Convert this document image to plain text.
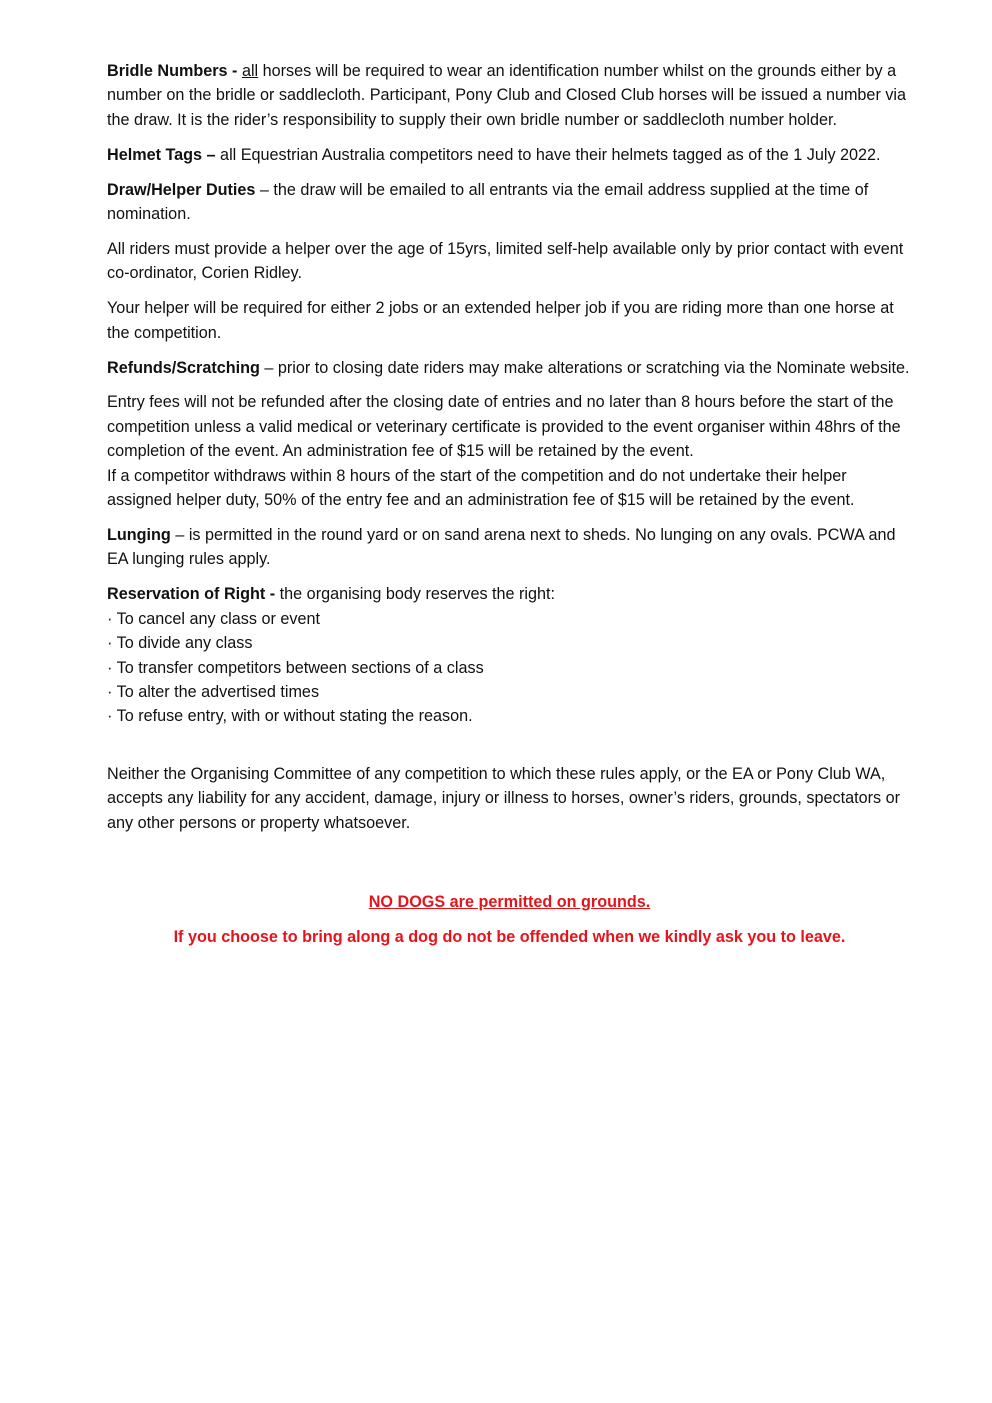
Bridle Numbers - all horses will be required to wear an identification number whilst on the grounds either by a number on the bridle or saddlecloth. Participant, Pony Club and Closed Club horses will be issued a number via the draw. It is the rider’s responsibility to supply their own bridle number or saddlecloth number holder.

Helmet Tags – all Equestrian Australia competitors need to have their helmets tagged as of the 1 July 2022.

Draw/Helper Duties – the draw will be emailed to all entrants via the email address supplied at the time of nomination.

All riders must provide a helper over the age of 15yrs, limited self-help available only by prior contact with event co-ordinator, Corien Ridley.

Your helper will be required for either 2 jobs or an extended helper job if you are riding more than one horse at the competition.

Refunds/Scratching – prior to closing date riders may make alterations or scratching via the Nominate website.

Entry fees will not be refunded after the closing date of entries and no later than 8 hours before the start of the competition unless a valid medical or veterinary certificate is provided to the event organiser within 48hrs of the completion of the event. An administration fee of $15 will be retained by the event.

If a competitor withdraws within 8 hours of the start of the competition and do not undertake their helper assigned helper duty, 50% of the entry fee and an administration fee of $15 will be retained by the event.

Lunging – is permitted in the round yard or on sand arena next to sheds. No lunging on any ovals. PCWA and EA lunging rules apply.

Reservation of Right - the organising body reserves the right:

· To cancel any class or event
· To divide any class
· To transfer competitors between sections of a class
· To alter the advertised times
· To refuse entry, with or without stating the reason.

Neither the Organising Committee of any competition to which these rules apply, or the EA or Pony Club WA, accepts any liability for any accident, damage, injury or illness to horses, owner’s riders, grounds, spectators or any other persons or property whatsoever.

NO DOGS are permitted on grounds.

If you choose to bring along a dog do not be offended when we kindly ask you to leave.
